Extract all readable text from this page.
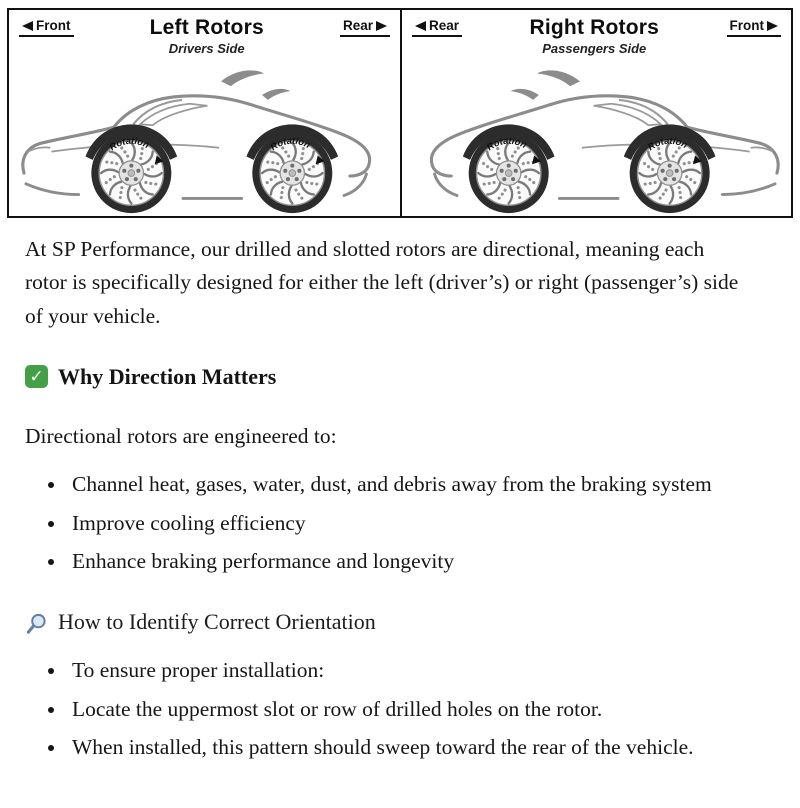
Front	Left Rotors
Drivers Side
Rear	Rear	Right Rotors
Passengers Side
Front

At SP Performance, our drilled and slotted rotors are directional, meaning each rotor is specifically designed for either the left (driver’s) or right (passenger’s) side of your vehicle.

✓ Why Direction Matters

Directional rotors are engineered to:

• Channel heat, gases, water, dust, and debris away from the braking system
• Improve cooling efficiency
• Enhance braking performance and longevity
How to Identify Correct Orientation
• To ensure proper installation:
• Locate the uppermost slot or row of drilled holes on the rotor.
• When installed, this pattern should sweep toward the rear of the vehicle.
